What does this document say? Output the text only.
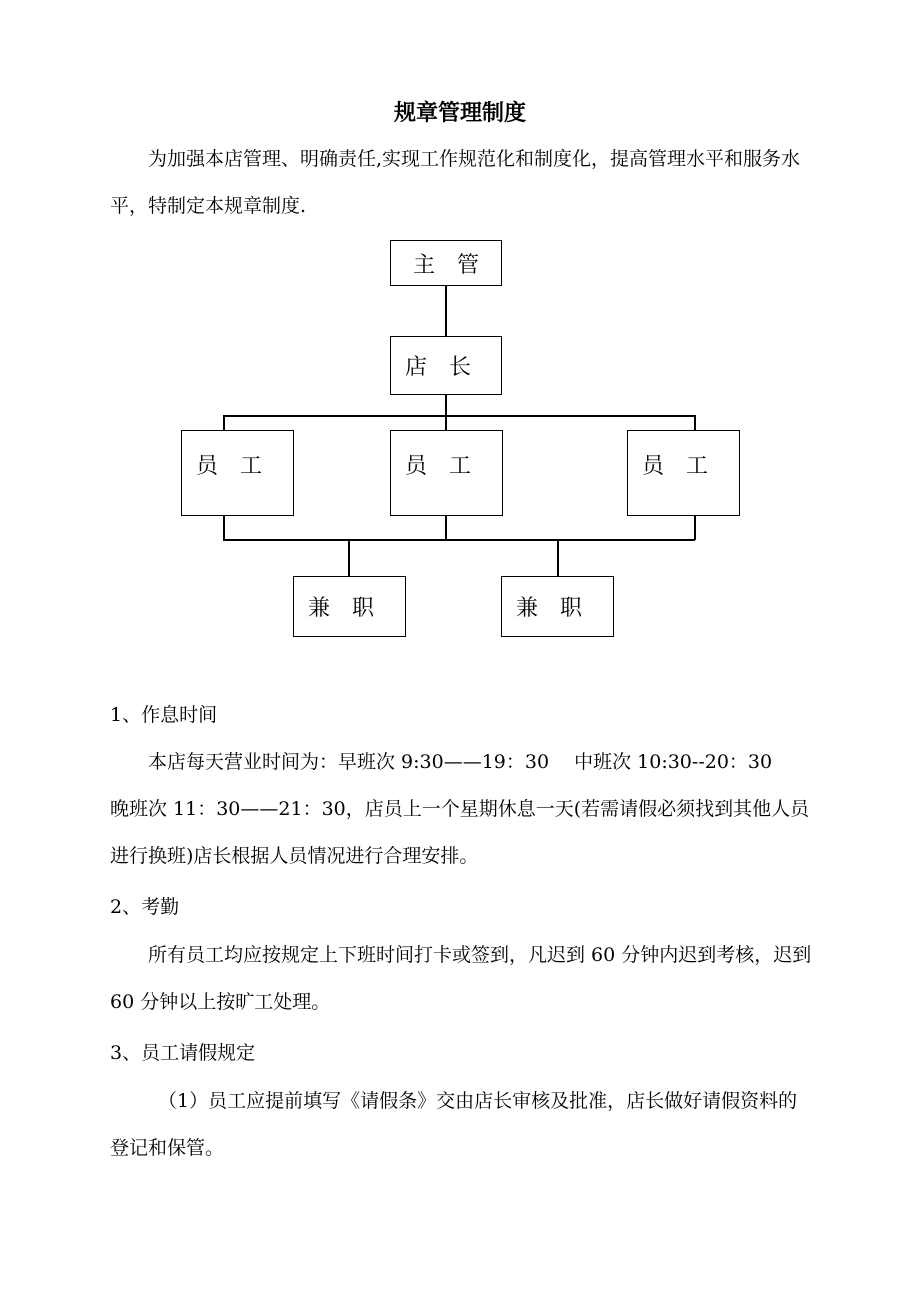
规章管理制度
为加强本店管理、明确责任,实现工作规范化和制度化，提高管理水平和服务水平，特制定本规章制度.
主管
店长
员工	员工	员工
兼职	兼职
1、作息时间
本店每天营业时间为：早班次 9:30——19：30　 中班次 10:30--20：30　 晚班次 11：30——21：30，店员上一个星期休息一天(若需请假必须找到其他人员进行换班)店长根据人员情况进行合理安排。
2、考勤
所有员工均应按规定上下班时间打卡或签到，凡迟到 60 分钟内迟到考核，迟到 60 分钟以上按旷工处理。
3、员工请假规定
（1）员工应提前填写《请假条》交由店长审核及批准，店长做好请假资料的登记和保管。
